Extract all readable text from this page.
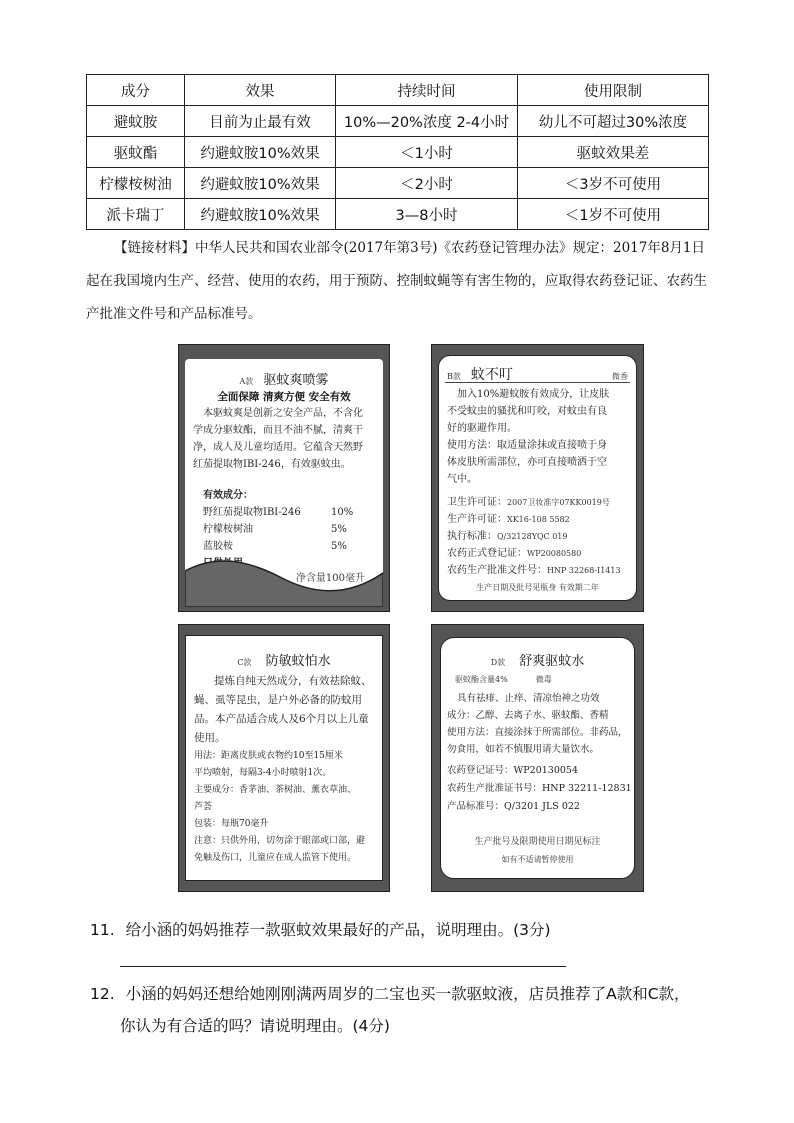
成分	效果	持续时间	使用限制
避蚊胺	目前为止最有效	10%—20%浓度 2-4小时	幼儿不可超过30%浓度
驱蚊酯	约避蚊胺10%效果	＜1小时	驱蚊效果差
柠檬桉树油	约避蚊胺10%效果	＜2小时	＜3岁不可使用
派卡瑞丁	约避蚊胺10%效果	3—8小时	＜1岁不可使用
【链接材料】中华人民共和国农业部令(2017年第3号)《农药登记管理办法》规定：2017年8月1日起在我国境内生产、经营、使用的农药，用于预防、控制蚊蝇等有害生物的，应取得农药登记证、农药生产批准文件号和产品标准号。
A款 驱蚊爽喷雾
全面保障 清爽方便 安全有效
本驱蚊爽是创新之安全产品，不含化
学成分驱蚊酯，而且不油不腻，清爽干
净，成人及儿童均适用。它蕴含天然野
红茄提取物IBI-246，有效驱蚊虫。
有效成分：
野红茄提取物IBI-246	10%
柠檬桉树油	5%
蓝胶桉	5%
净含量100毫升
B款 蚊不叮	微香
加入10%避蚊胺有效成分，让皮肤
不受蚊虫的骚扰和叮咬，对蚊虫有良
好的驱避作用。
使用方法：取适量涂抹或直接喷于身
体皮肤所需部位，亦可直接喷洒于空
气中。
卫生许可证：2007卫妆准字07KK0019号
生产许可证：XK16-108 5582
执行标准：Q/32128YQC 019
农药正式登记证：WP20080580
农药生产批准文件号：HNP 32268-I1413
生产日期及批号见瓶身 有效期二年
C款 防敏蚊怕水
提炼自纯天然成分，有效祛除蚊、
蝇、虱等昆虫，是户外必备的防蚊用
品。本产品适合成人及6个月以上儿童
使用。
用法：距离皮肤或衣物约10至15厘米
平均喷射，每隔3-4小时喷射1次。
主要成分：香茅油、茶树油、薰衣草油、
芦荟
包装：每瓶70毫升
注意：只供外用，切勿涂于眼部或口部，避
免触及伤口，儿童应在成人监管下使用。
D款 舒爽驱蚊水
驱蚊酯含量4%	微毒
具有祛痱、止痒、清凉怡神之功效
成分：乙醇、去离子水、驱蚊酯、香精
使用方法：直接涂抹于所需部位。非药品，
勿食用，如若不慎服用请大量饮水。
农药登记证号：WP20130054
农药生产批准证书号：HNP 32211-12831
产品标准号：Q/3201 JLS 022
生产批号及限期使用日期见标注
如有不适请暂停使用
11. 给小涵的妈妈推荐一款驱蚊效果最好的产品，说明理由。(3分)
12. 小涵的妈妈还想给她刚刚满两周岁的二宝也买一款驱蚊液，店员推荐了A款和C款，
你认为有合适的吗？请说明理由。(4分)
